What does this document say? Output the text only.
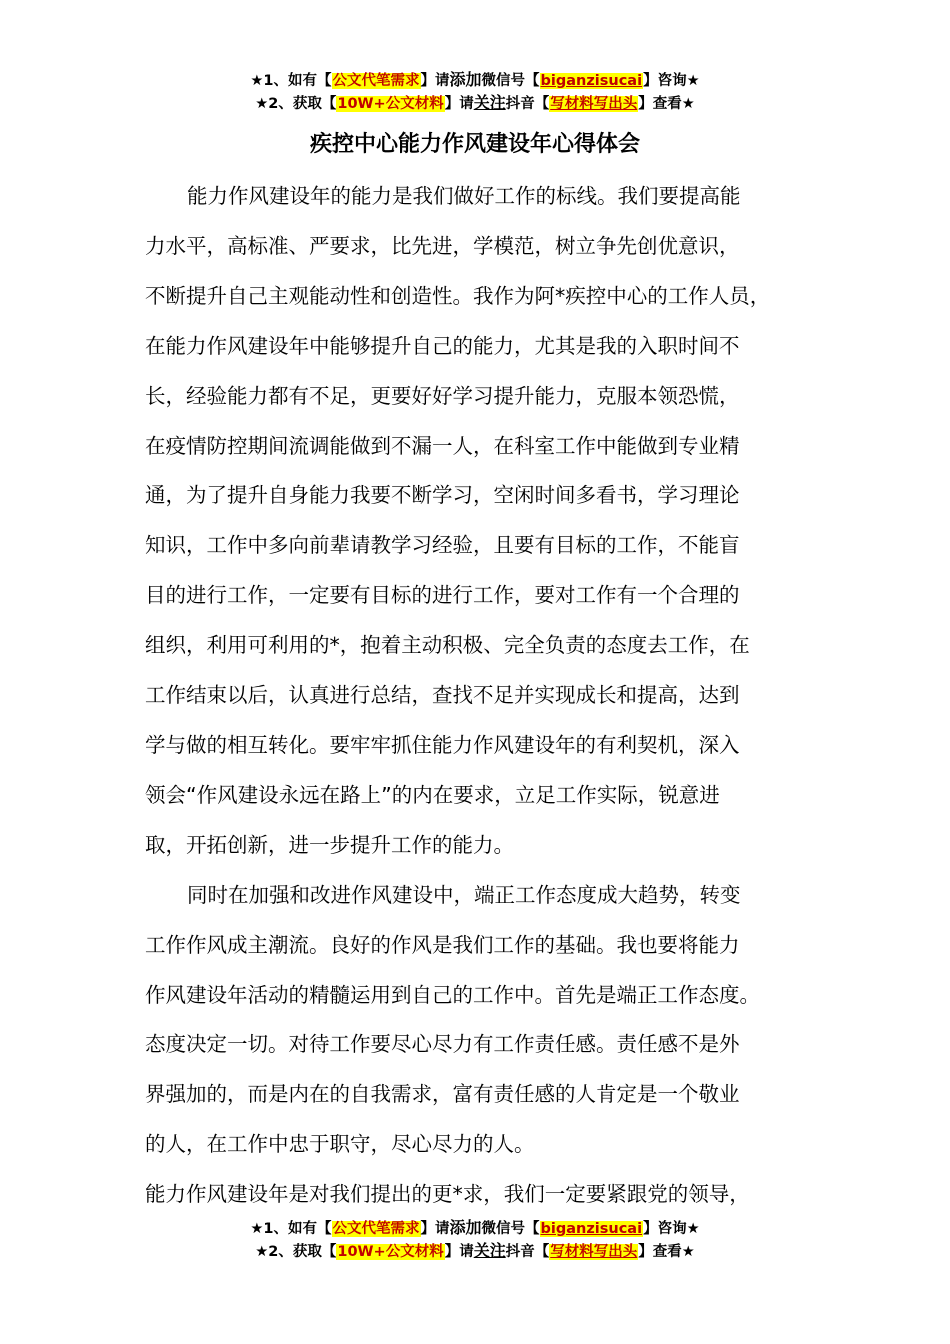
★1、如有【公文代笔需求】请添加微信号【biganzisucai】咨询★
★2、获取【10W+公文材料】请关注抖音【写材料写出头】查看★
疾控中心能力作风建设年心得体会

能力作风建设年的能力是我们做好工作的标线。我们要提高能
力水平，高标准、严要求，比先进，学模范，树立争先创优意识，
不断提升自己主观能动性和创造性。我作为阿*疾控中心的工作人员，
在能力作风建设年中能够提升自己的能力，尤其是我的入职时间不
长，经验能力都有不足，更要好好学习提升能力，克服本领恐慌，
在疫情防控期间流调能做到不漏一人，在科室工作中能做到专业精
通，为了提升自身能力我要不断学习，空闲时间多看书，学习理论
知识，工作中多向前辈请教学习经验，且要有目标的工作，不能盲
目的进行工作，一定要有目标的进行工作，要对工作有一个合理的
组织，利用可利用的*，抱着主动积极、完全负责的态度去工作，在
工作结束以后，认真进行总结，查找不足并实现成长和提高，达到
学与做的相互转化。要牢牢抓住能力作风建设年的有利契机，深入
领会“作风建设永远在路上”的内在要求，立足工作实际，锐意进
取，开拓创新，进一步提升工作的能力。

同时在加强和改进作风建设中，端正工作态度成大趋势，转变
工作作风成主潮流。良好的作风是我们工作的基础。我也要将能力
作风建设年活动的精髓运用到自己的工作中。首先是端正工作态度。
态度决定一切。对待工作要尽心尽力有工作责任感。责任感不是外
界强加的，而是内在的自我需求，富有责任感的人肯定是一个敬业
的人，在工作中忠于职守，尽心尽力的人。

能力作风建设年是对我们提出的更*求，我们一定要紧跟党的领导，

★1、如有【公文代笔需求】请添加微信号【biganzisucai】咨询★
★2、获取【10W+公文材料】请关注抖音【写材料写出头】查看★
